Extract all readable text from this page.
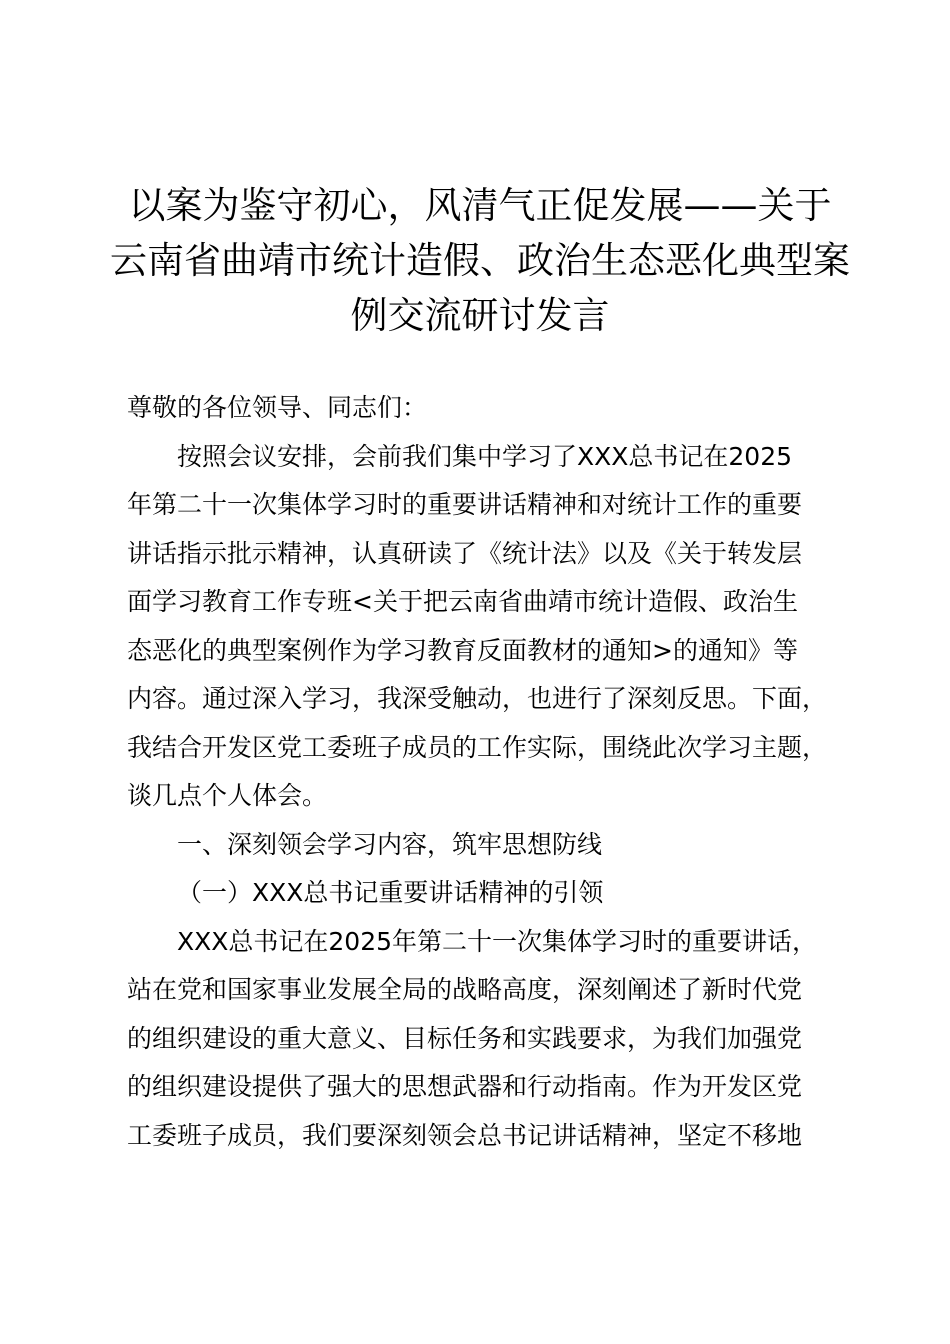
以案为鉴守初心，风清气正促发展——关于
云南省曲靖市统计造假、政治生态恶化典型案
例交流研讨发言

尊敬的各位领导、同志们：

按照会议安排，会前我们集中学习了XXX总书记在2025

年第二十一次集体学习时的重要讲话精神和对统计工作的重要
讲话指示批示精神，认真研读了《统计法》以及《关于转发层
面学习教育工作专班<关于把云南省曲靖市统计造假、政治生
态恶化的典型案例作为学习教育反面教材的通知>的通知》等
内容。通过深入学习，我深受触动，也进行了深刻反思。下面，
我结合开发区党工委班子成员的工作实际，围绕此次学习主题，
谈几点个人体会。

一、深刻领会学习内容，筑牢思想防线

（一）XXX总书记重要讲话精神的引领

XXX总书记在2025年第二十一次集体学习时的重要讲话，

站在党和国家事业发展全局的战略高度，深刻阐述了新时代党
的组织建设的重大意义、目标任务和实践要求，为我们加强党
的组织建设提供了强大的思想武器和行动指南。作为开发区党
工委班子成员，我们要深刻领会总书记讲话精神，坚定不移地
